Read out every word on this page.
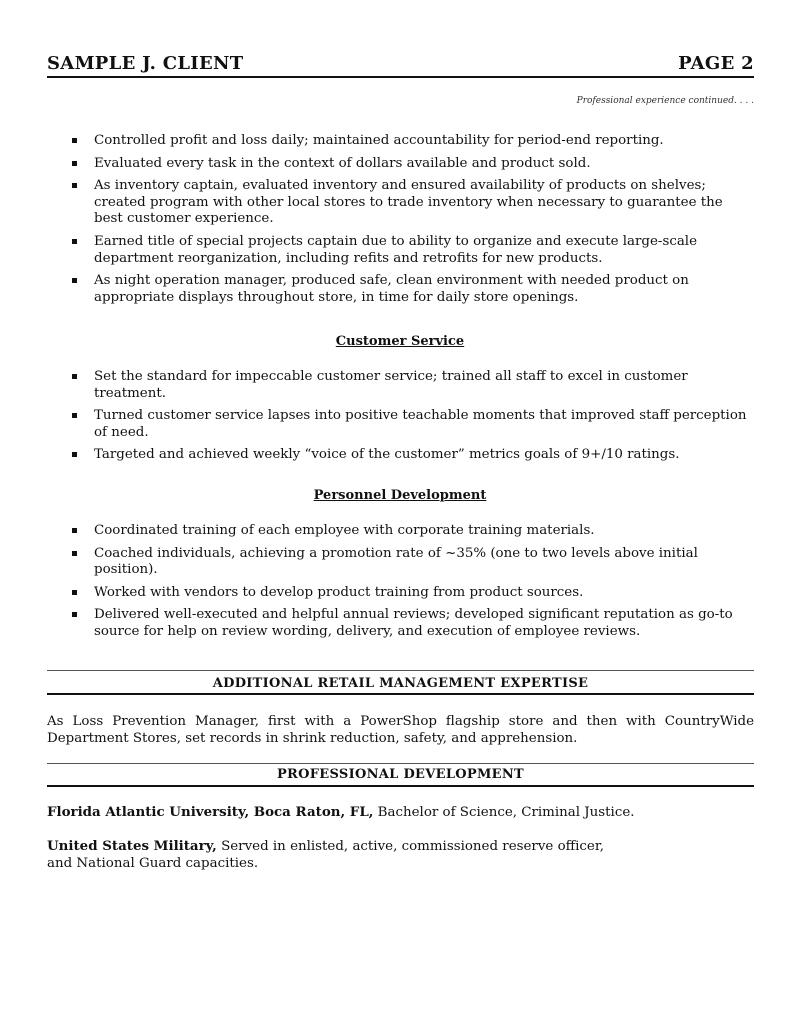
SAMPLE J. CLIENT	PAGE 2
Professional experience continued. . . .
Controlled profit and loss daily; maintained accountability for period-end reporting.
Evaluated every task in the context of dollars available and product sold.
As inventory captain, evaluated inventory and ensured availability of products on shelves; created program with other local stores to trade inventory when necessary to guarantee the best customer experience.
Earned title of special projects captain due to ability to organize and execute large-scale department reorganization, including refits and retrofits for new products.
As night operation manager, produced safe, clean environment with needed product on appropriate displays throughout store, in time for daily store openings.
Customer Service
Set the standard for impeccable customer service; trained all staff to excel in customer treatment.
Turned customer service lapses into positive teachable moments that improved staff perception of need.
Targeted and achieved weekly “voice of the customer” metrics goals of 9+/10 ratings.
Personnel Development
Coordinated training of each employee with corporate training materials.
Coached individuals, achieving a promotion rate of ~35% (one to two levels above initial position).
Worked with vendors to develop product training from product sources.
Delivered well-executed and helpful annual reviews; developed significant reputation as go-to source for help on review wording, delivery, and execution of employee reviews.
ADDITIONAL RETAIL MANAGEMENT EXPERTISE
As Loss Prevention Manager, first with a PowerShop flagship store and then with CountryWide Department Stores, set records in shrink reduction, safety, and apprehension.
PROFESSIONAL DEVELOPMENT
Florida Atlantic University, Boca Raton, FL, Bachelor of Science, Criminal Justice.
United States Military, Served in enlisted, active, commissioned reserve officer, and National Guard capacities.
